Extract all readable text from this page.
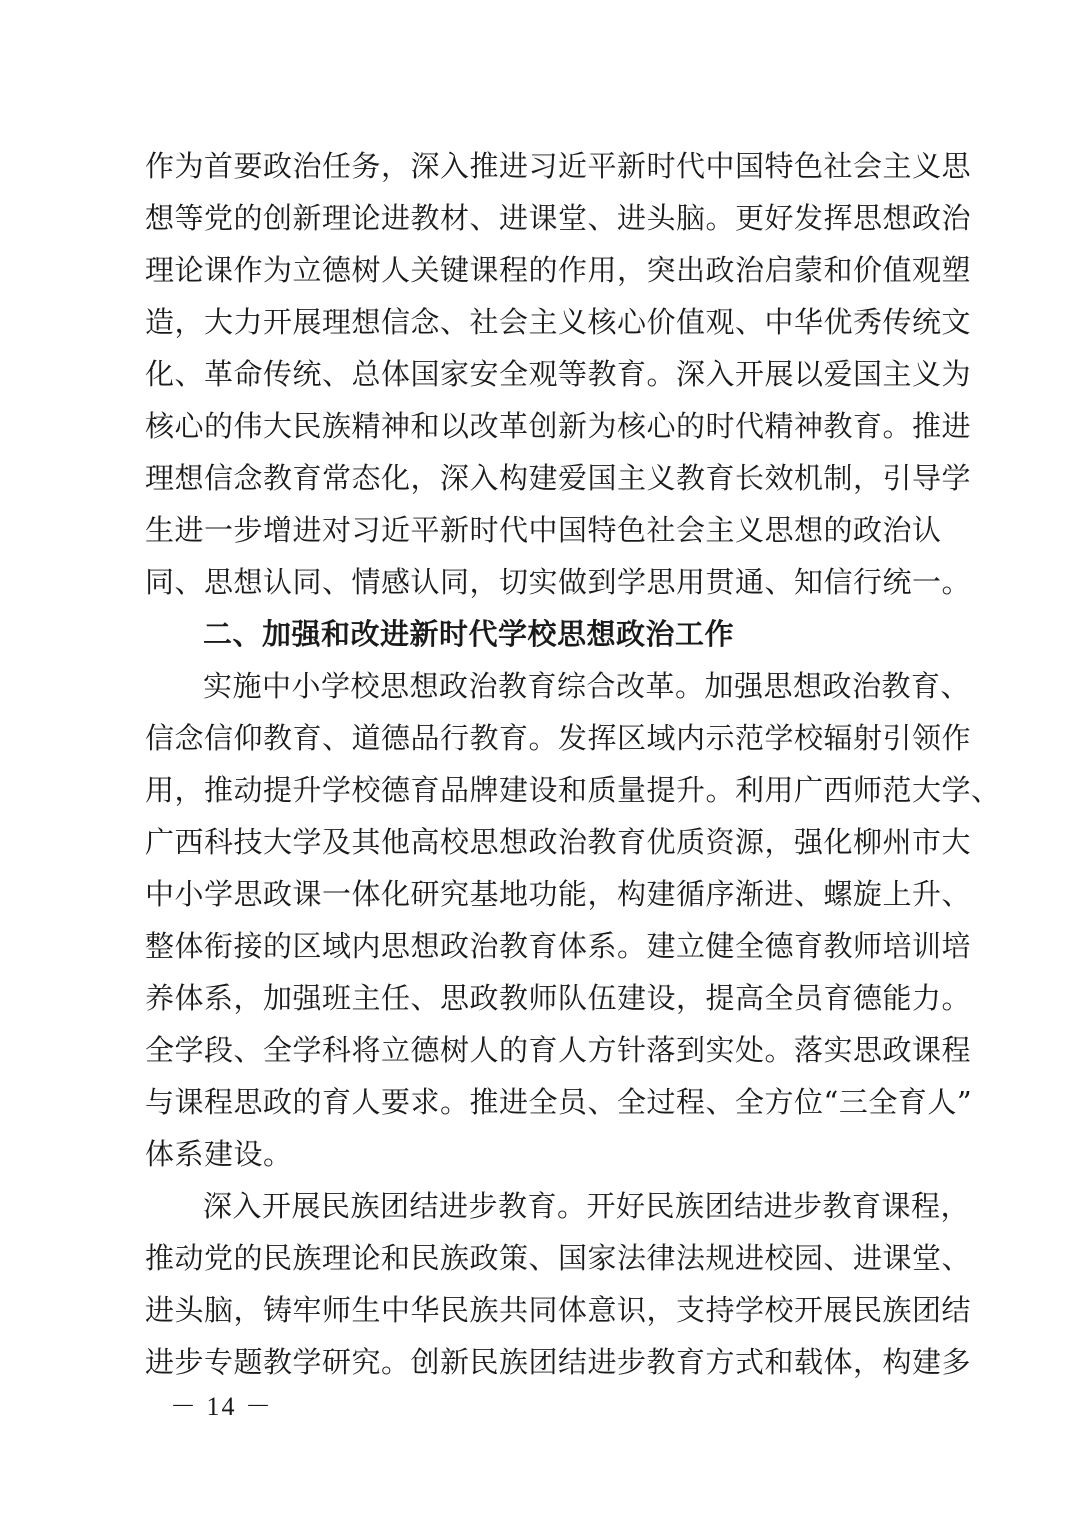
作为首要政治任务，深入推进习近平新时代中国特色社会主义思
想等党的创新理论进教材、进课堂、进头脑。更好发挥思想政治
理论课作为立德树人关键课程的作用，突出政治启蒙和价值观塑
造，大力开展理想信念、社会主义核心价值观、中华优秀传统文
化、革命传统、总体国家安全观等教育。深入开展以爱国主义为
核心的伟大民族精神和以改革创新为核心的时代精神教育。推进
理想信念教育常态化，深入构建爱国主义教育长效机制，引导学
生进一步增进对习近平新时代中国特色社会主义思想的政治认
同、思想认同、情感认同，切实做到学思用贯通、知信行统一。
二、加强和改进新时代学校思想政治工作
实施中小学校思想政治教育综合改革。加强思想政治教育、
信念信仰教育、道德品行教育。发挥区域内示范学校辐射引领作
用，推动提升学校德育品牌建设和质量提升。利用广西师范大学、
广西科技大学及其他高校思想政治教育优质资源，强化柳州市大
中小学思政课一体化研究基地功能，构建循序渐进、螺旋上升、
整体衔接的区域内思想政治教育体系。建立健全德育教师培训培
养体系，加强班主任、思政教师队伍建设，提高全员育德能力。
全学段、全学科将立德树人的育人方针落到实处。落实思政课程
与课程思政的育人要求。推进全员、全过程、全方位“三全育人”
体系建设。
深入开展民族团结进步教育。开好民族团结进步教育课程，
推动党的民族理论和民族政策、国家法律法规进校园、进课堂、
进头脑，铸牢师生中华民族共同体意识，支持学校开展民族团结
进步专题教学研究。创新民族团结进步教育方式和载体，构建多
－ 14 －
